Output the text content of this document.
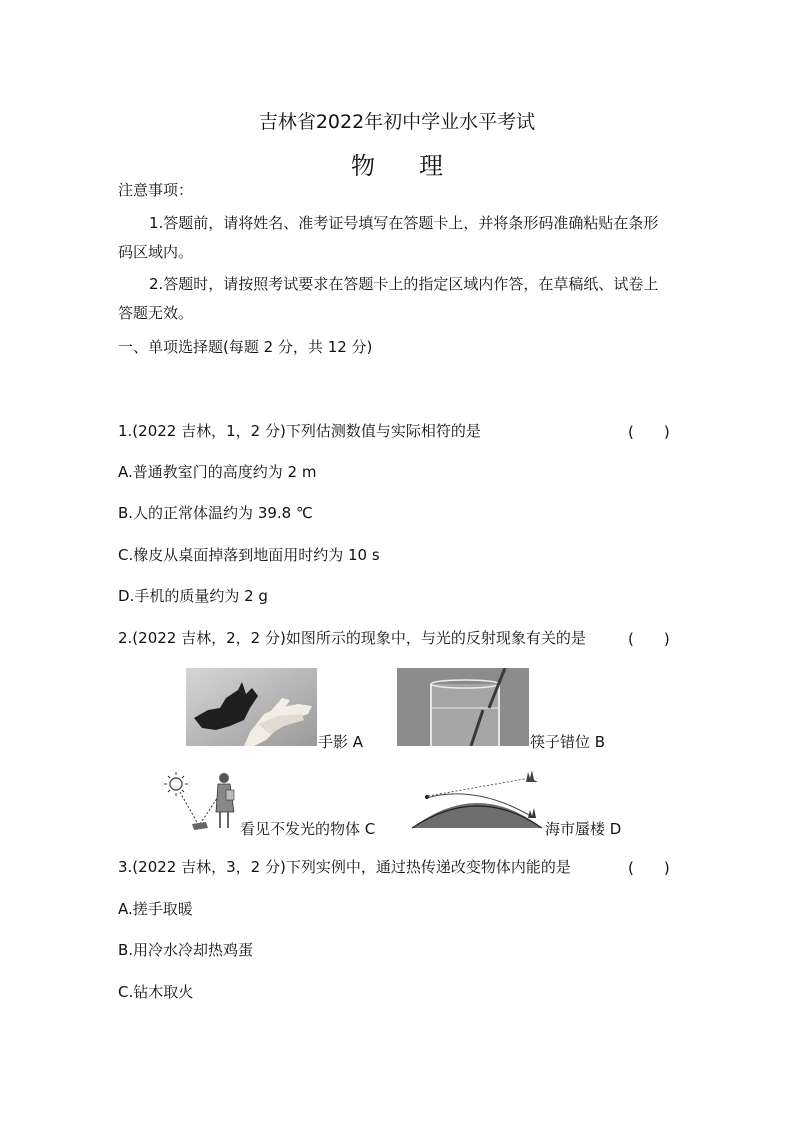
吉林省2022年初中学业水平考试
物 理
注意事项：
1.答题前，请将姓名、准考证号填写在答题卡上，并将条形码准确粘贴在条形
码区域内。
2.答题时，请按照考试要求在答题卡上的指定区域内作答，在草稿纸、试卷上
答题无效。
一、单项选择题(每题 2 分，共 12 分)
1.(2022 吉林，1，2 分)下列估测数值与实际相符的是	(　　)
A.普通教室门的高度约为 2 m
B.人的正常体温约为 39.8 ℃
C.橡皮从桌面掉落到地面用时约为 10 s
D.手机的质量约为 2 g
2.(2022 吉林，2，2 分)如图所示的现象中，与光的反射现象有关的是	(　　)
手影 A	筷子错位 B
看见不发光的物体 C	海市蜃楼 D
3.(2022 吉林，3，2 分)下列实例中，通过热传递改变物体内能的是	(　　)
A.搓手取暖
B.用冷水冷却热鸡蛋
C.钻木取火
